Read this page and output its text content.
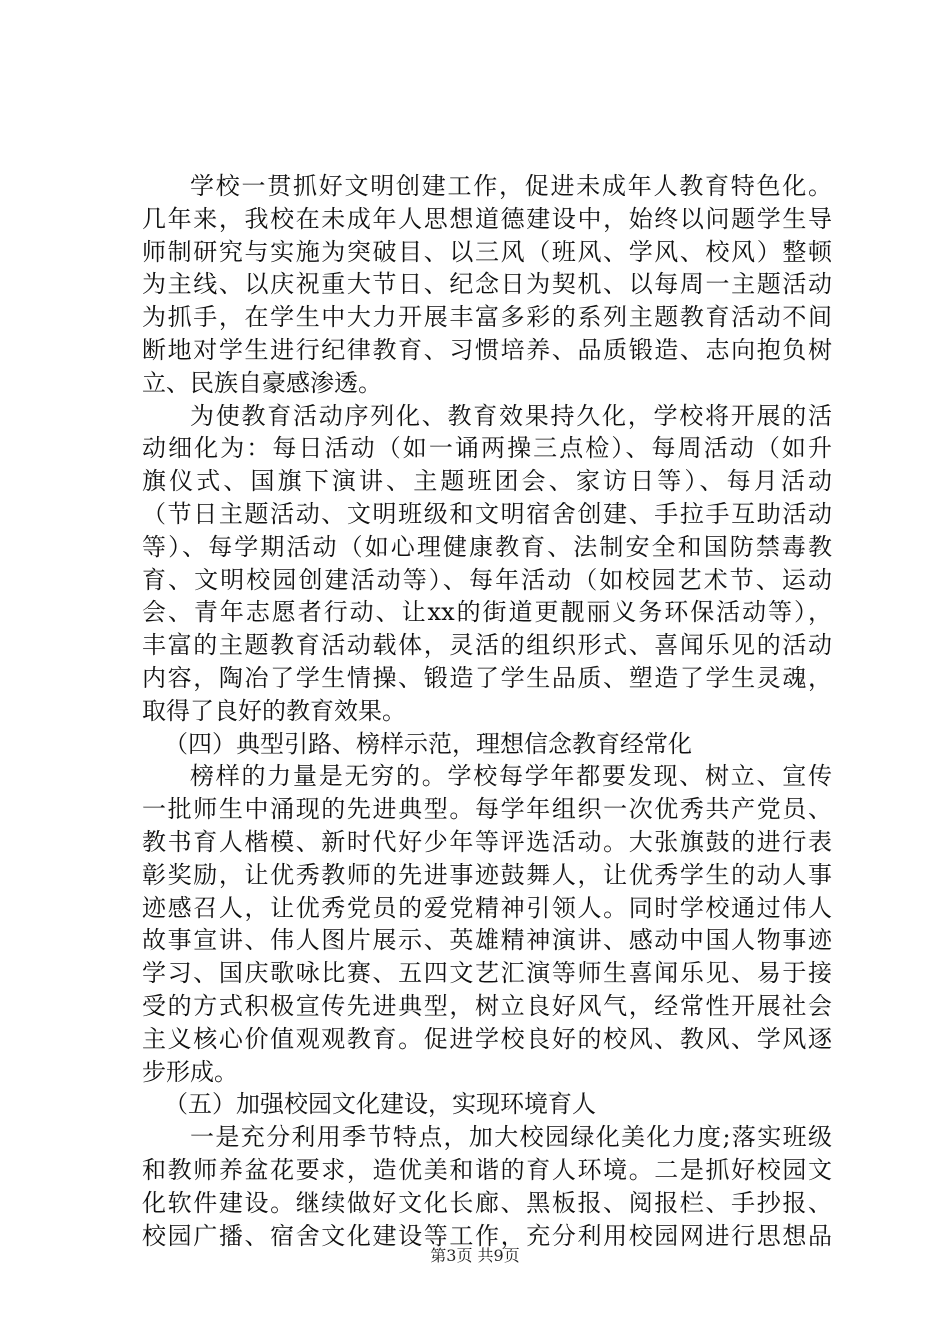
学校一贯抓好文明创建工作，促进未成年人教育特色化。
几年来，我校在未成年人思想道德建设中，始终以问题学生导
师制研究与实施为突破目、以三风（班风、学风、校风）整顿
为主线、以庆祝重大节日、纪念日为契机、以每周一主题活动
为抓手，在学生中大力开展丰富多彩的系列主题教育活动不间
断地对学生进行纪律教育、习惯培养、品质锻造、志向抱负树
立、民族自豪感渗透。
为使教育活动序列化、教育效果持久化，学校将开展的活
动细化为：每日活动（如一诵两操三点检）、每周活动（如升
旗仪式、国旗下演讲、主题班团会、家访日等）、每月活动
（节日主题活动、文明班级和文明宿舍创建、手拉手互助活动
等）、每学期活动（如心理健康教育、法制安全和国防禁毒教
育、文明校园创建活动等）、每年活动（如校园艺术节、运动
会、青年志愿者行动、让xx的街道更靓丽义务环保活动等），
丰富的主题教育活动载体，灵活的组织形式、喜闻乐见的活动
内容，陶冶了学生情操、锻造了学生品质、塑造了学生灵魂，
取得了良好的教育效果。
（四）典型引路、榜样示范，理想信念教育经常化
榜样的力量是无穷的。学校每学年都要发现、树立、宣传
一批师生中涌现的先进典型。每学年组织一次优秀共产党员、
教书育人楷模、新时代好少年等评选活动。大张旗鼓的进行表
彰奖励，让优秀教师的先进事迹鼓舞人，让优秀学生的动人事
迹感召人，让优秀党员的爱党精神引领人。同时学校通过伟人
故事宣讲、伟人图片展示、英雄精神演讲、感动中国人物事迹
学习、国庆歌咏比赛、五四文艺汇演等师生喜闻乐见、易于接
受的方式积极宣传先进典型，树立良好风气，经常性开展社会
主义核心价值观观教育。促进学校良好的校风、教风、学风逐
步形成。
（五）加强校园文化建设，实现环境育人
一是充分利用季节特点，加大校园绿化美化力度;落实班级
和教师养盆花要求，造优美和谐的育人环境。二是抓好校园文
化软件建设。继续做好文化长廊、黑板报、阅报栏、手抄报、
校园广播、宿舍文化建设等工作，充分利用校园网进行思想品
第3页 共9页
